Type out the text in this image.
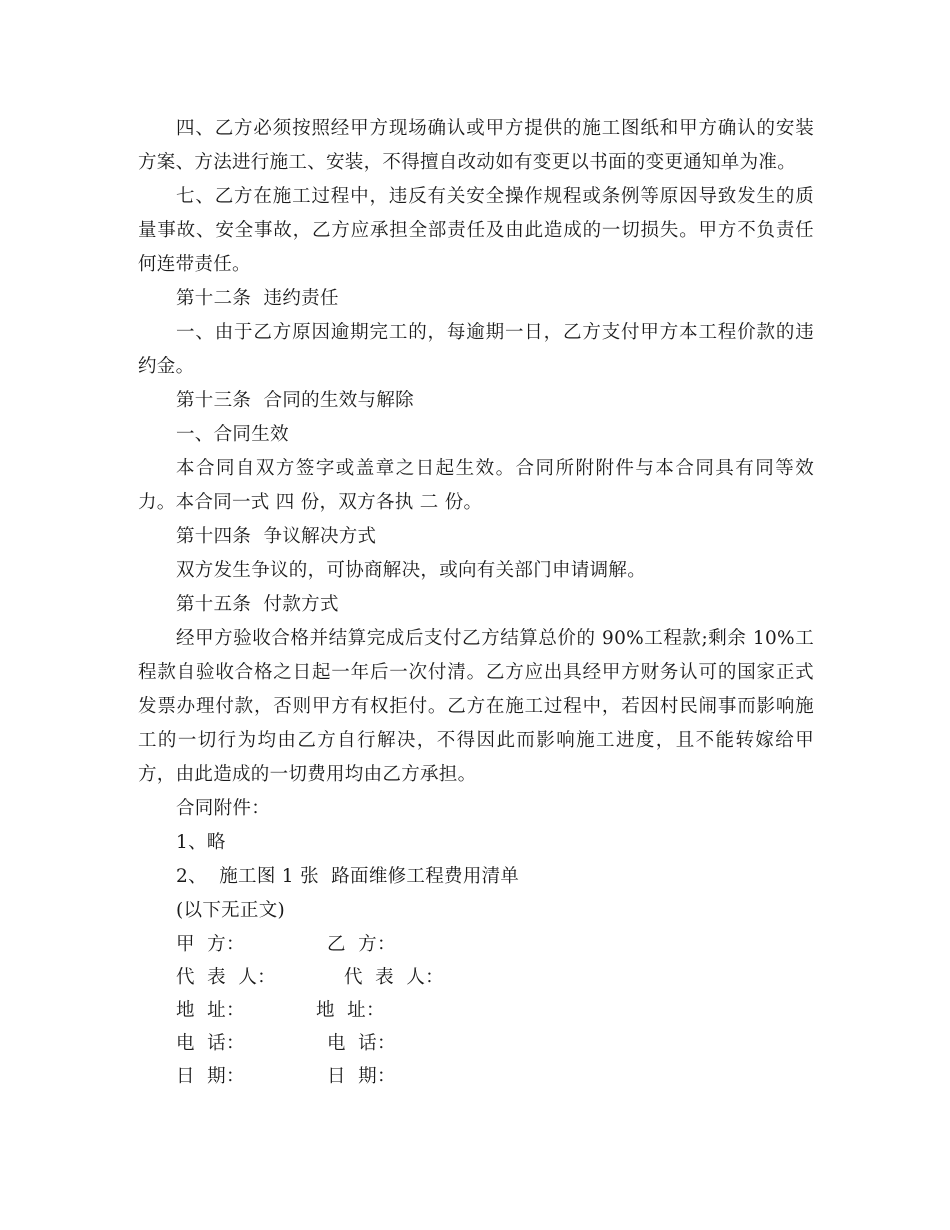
四、乙方必须按照经甲方现场确认或甲方提供的施工图纸和甲方确认的安装方案、方法进行施工、安装，不得擅自改动如有变更以书面的变更通知单为准。

七、乙方在施工过程中，违反有关安全操作规程或条例等原因导致发生的质量事故、安全事故，乙方应承担全部责任及由此造成的一切损失。甲方不负责任何连带责任。

第十二条  违约责任

一、由于乙方原因逾期完工的，每逾期一日，乙方支付甲方本工程价款的违约金。

第十三条  合同的生效与解除

一、合同生效

本合同自双方签字或盖章之日起生效。合同所附附件与本合同具有同等效力。本合同一式 四 份，双方各执 二 份。

第十四条  争议解决方式

双方发生争议的，可协商解决，或向有关部门申请调解。

第十五条  付款方式

经甲方验收合格并结算完成后支付乙方结算总价的 90%工程款;剩余 10%工程款自验收合格之日起一年后一次付清。乙方应出具经甲方财务认可的国家正式发票办理付款，否则甲方有权拒付。乙方在施工过程中，若因村民闹事而影响施工的一切行为均由乙方自行解决，不得因此而影响施工进度，且不能转嫁给甲方，由此造成的一切费用均由乙方承担。

合同附件：

1、略

2、  施工图 1 张  路面维修工程费用清单

(以下无正文)

甲  方：	乙  方：
代  表  人：	代  表  人：
地  址：	地  址：
电  话：	电  话：
日  期：	日  期：
